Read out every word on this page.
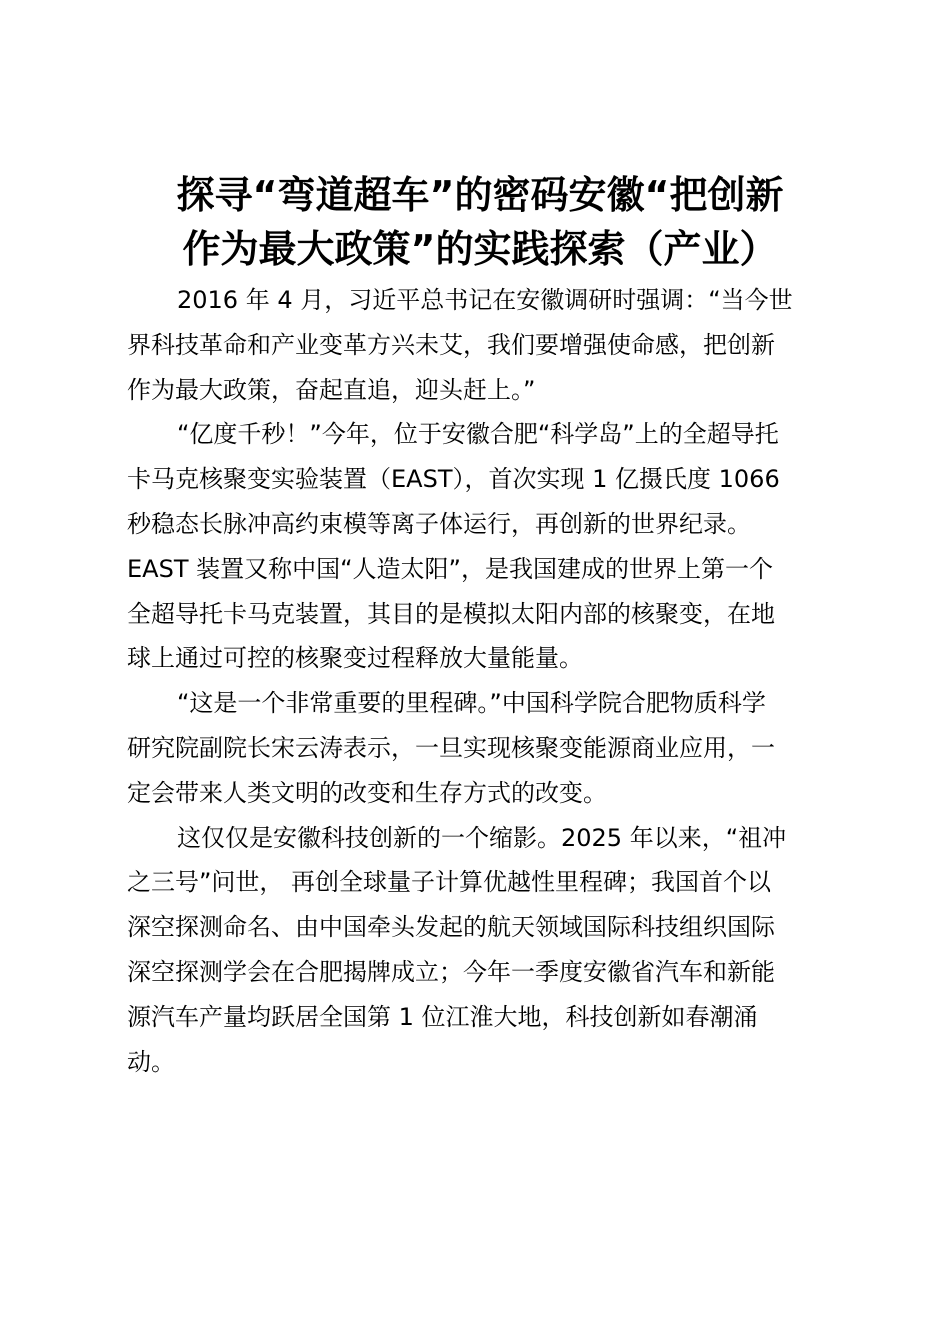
探寻“弯道超车”的密码安徽“把创新
作为最大政策”的实践探索（产业）

2016 年 4 月，习近平总书记在安徽调研时强调：“当今世
界科技革命和产业变革方兴未艾，我们要增强使命感，把创新
作为最大政策，奋起直追，迎头赶上。”

“亿度千秒！”今年，位于安徽合肥“科学岛”上的全超导托
卡马克核聚变实验装置（EAST），首次实现 1 亿摄氏度 1066
秒稳态长脉冲高约束模等离子体运行，再创新的世界纪录。
EAST 装置又称中国“人造太阳”，是我国建成的世界上第一个
全超导托卡马克装置，其目的是模拟太阳内部的核聚变，在地
球上通过可控的核聚变过程释放大量能量。

“这是一个非常重要的里程碑。”中国科学院合肥物质科学
研究院副院长宋云涛表示，一旦实现核聚变能源商业应用，一
定会带来人类文明的改变和生存方式的改变。

这仅仅是安徽科技创新的一个缩影。2025 年以来，“祖冲
之三号”问世， 再创全球量子计算优越性里程碑；我国首个以
深空探测命名、由中国牵头发起的航天领域国际科技组织国际
深空探测学会在合肥揭牌成立；今年一季度安徽省汽车和新能
源汽车产量均跃居全国第 1 位江淮大地，科技创新如春潮涌
动。
